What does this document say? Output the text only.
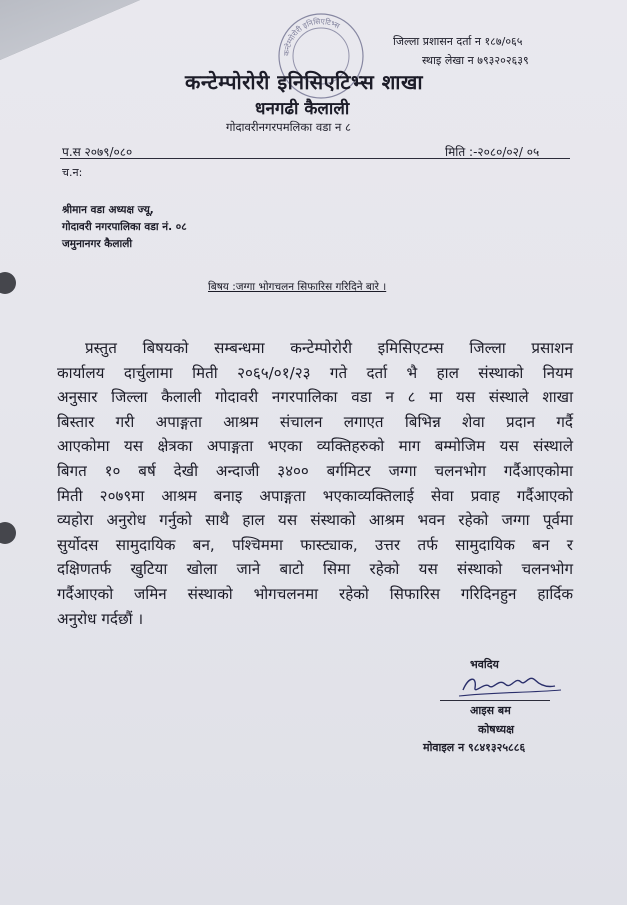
कन्टेम्पोरोरी इनिसिएटिभ्स
जिल्ला प्रशासन दर्ता न १८७/०६५
स्थाइ लेखा न ७९३२०२६३९
कन्टेम्पोरोरी इनिसिएटिभ्स शाखा
धनगढी कैलाली
गोदावरीनगरपमलिका वडा न ८
प.स २०७९/०८०	मिति :-२०८०/०२/ ०५
च.न:
श्रीमान वडा अध्यक्ष ज्यू,
गोदावरी नगरपालिका वडा नं. ०८
जमुनानगर कैलाली
बिषय :जग्गा भोगचलन सिफारिस गरिदिने बारे ।
प्रस्तुत बिषयको सम्बन्धमा कन्टेम्पोरोरी इमिसिएटम्स जिल्ला प्रसाशन
कार्यालय दार्चुलामा मिती २०६५/०१/२३ गते दर्ता भै हाल संस्थाको नियम
अनुसार जिल्ला कैलाली गोदावरी नगरपालिका वडा न ८ मा यस संस्थाले शाखा
बिस्तार गरी अपाङ्गता आश्रम संचालन लगाएत बिभिन्न शेवा प्रदान गर्दै
आएकोमा यस क्षेत्रका अपाङ्गता भएका व्यक्तिहरुको माग बम्मोजिम यस संस्थाले
बिगत १० बर्ष देखी अन्दाजी ३४०० बर्गमिटर जग्गा चलनभोग गर्दैआएकोमा
मिती २०७९मा आश्रम बनाइ अपाङ्गता भएकाव्यक्तिलाई सेवा प्रवाह गर्दैआएको
व्यहोरा अनुरोध गर्नुको साथै हाल यस संस्थाको आश्रम भवन रहेको जग्गा पूर्वमा
सुर्योदस सामुदायिक बन, पश्चिममा फास्ट्याक, उत्तर तर्फ सामुदायिक बन र
दक्षिणतर्फ खुटिया खोला जाने बाटो सिमा रहेको यस संस्थाको चलनभोग
गर्दैआएको जमिन संस्थाको भोगचलनमा रहेको सिफारिस गरिदिनहुन हार्दिक
अनुरोध गर्दछौं ।
भवदिय
आइस बम
कोषध्यक्ष
मोवाइल न ९८४१३२५८८६
